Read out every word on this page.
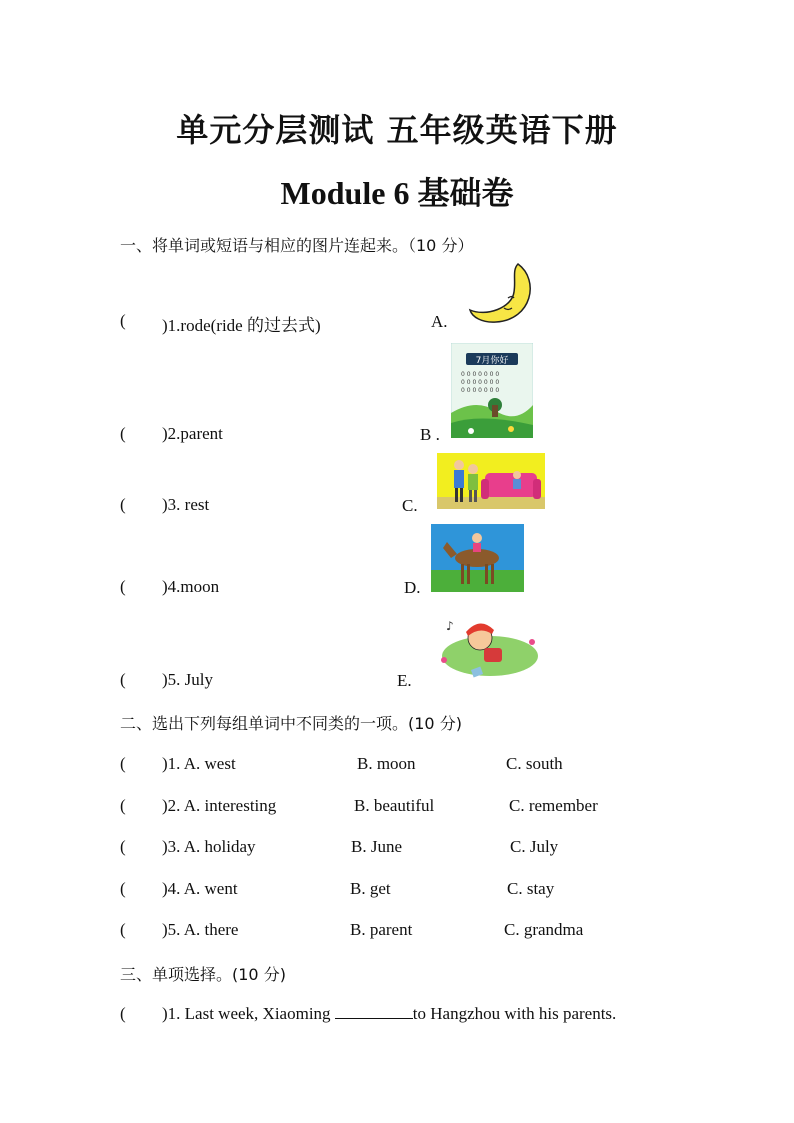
单元分层测试 五年级英语下册
Module 6 基础卷
一、将单词或短语与相应的图片连起来。（10 分）
( )1.rode(ride 的过去式)	A.
( )2.parent	B .
( )3. rest	C.
( )4.moon	D.
( )5. July	E.
7月你好
0 0 0 0 0 0 0
0 0 0 0 0 0 0
0 0 0 0 0 0 0
♪
二、选出下列每组单词中不同类的一项。(10 分)
( )1. A. west	B. moon	C. south
( )2. A. interesting	B. beautiful	C. remember
( )3. A. holiday	B. June	C. July
( )4. A. went	B. get	C. stay
( )5. A. there	B. parent	C. grandma
三、单项选择。(10 分)
( )1. Last week, Xiaoming	to Hangzhou with his parents.
